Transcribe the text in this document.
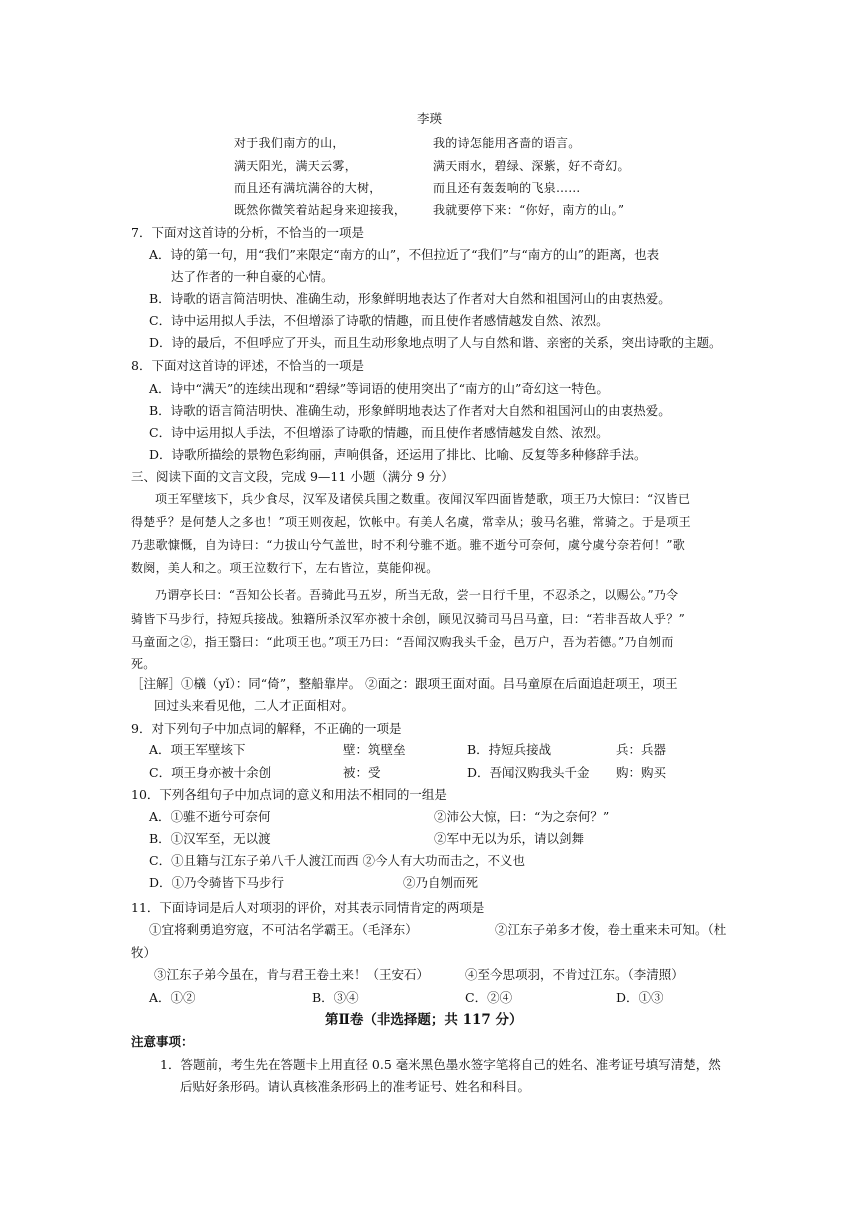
李瑛
对于我们南方的山，	我的诗怎能用吝啬的语言。
满天阳光，满天云雾，	满天雨水，碧绿、深紫，好不奇幻。
而且还有满坑满谷的大树，	而且还有轰轰响的飞泉……
既然你微笑着站起身来迎接我， 我就要停下来：“你好，南方的山。”
7．下面对这首诗的分析，不恰当的一项是
A．诗的第一句，用“我们”来限定“南方的山”，不但拉近了“我们”与“南方的山”的距离，也表
达了作者的一种自豪的心情。
B．诗歌的语言简洁明快、准确生动，形象鲜明地表达了作者对大自然和祖国河山的由衷热爱。
C．诗中运用拟人手法，不但增添了诗歌的情趣，而且使作者感情越发自然、浓烈。
D．诗的最后，不但呼应了开头，而且生动形象地点明了人与自然和谐、亲密的关系，突出诗歌的主题。
8．下面对这首诗的评述，不恰当的一项是
A．诗中“满天”的连续出现和“碧绿”等词语的使用突出了“南方的山”奇幻这一特色。
B．诗歌的语言简洁明快、准确生动，形象鲜明地表达了作者对大自然和祖国河山的由衷热爱。
C．诗中运用拟人手法，不但增添了诗歌的情趣，而且使作者感情越发自然、浓烈。
D．诗歌所描绘的景物色彩绚丽，声响俱备，还运用了排比、比喻、反复等多种修辞手法。
三、阅读下面的文言文段，完成 9—11 小题（满分 9 分）
项王军壁垓下，兵少食尽，汉军及诸侯兵围之数重。夜闻汉军四面皆楚歌，项王乃大惊曰：“汉皆已
得楚乎？是何楚人之多也！”项王则夜起，饮帐中。有美人名虞，常幸从；骏马名骓，常骑之。于是项王
乃悲歌慷慨，自为诗曰：“力拔山兮气盖世，时不利兮骓不逝。骓不逝兮可奈何，虞兮虞兮奈若何！”歌
数阕，美人和之。项王泣数行下，左右皆泣，莫能仰视。
乃谓亭长曰：“吾知公长者。吾骑此马五岁，所当无敌，尝一日行千里，不忍杀之，以赐公。”乃令
骑皆下马步行，持短兵接战。独籍所杀汉军亦被十余创，顾见汉骑司马吕马童，曰：“若非吾故人乎？”
马童面之②，指王翳曰：“此项王也。”项王乃曰：“吾闻汉购我头千金，邑万户，吾为若德。”乃自刎而
死。
［注解］①檥（yǐ）：同“倚”，整船靠岸。 ②面之：跟项王面对面。吕马童原在后面追赶项王，项王
回过头来看见他，二人才正面相对。
9．对下列句子中加点词的解释，不正确的一项是
A．项王军壁垓下	壁：筑壁垒	B．持短兵接战	兵：兵器
C．项王身亦被十余创	被：受	D．吾闻汉购我头千金 购：购买
10．下列各组句子中加点词的意义和用法不相同的一组是
A．①骓不逝兮可奈何	②沛公大惊，曰：“为之奈何？”
B．①汉军至，无以渡	②军中无以为乐，请以剑舞
C．①且籍与江东子弟八千人渡江而西 ②今人有大功而击之，不义也
D．①乃令骑皆下马步行	②乃自刎而死
11．下面诗词是后人对项羽的评价，对其表示同情肯定的两项是
①宜将剩勇追穷寇，不可沽名学霸王。（毛泽东）	②江东子弟多才俊，卷土重来未可知。（杜
牧）
③江东子弟今虽在，肯与君王卷土来！（王安石）	④至今思项羽，不肯过江东。（李清照）
A．①②	B．③④	C．②④	D．①③
第Ⅱ卷（非选择题；共 117 分）
注意事项：
1．答题前，考生先在答题卡上用直径 0.5 毫米黑色墨水签字笔将自己的姓名、准考证号填写清楚，然
后贴好条形码。请认真核准条形码上的准考证号、姓名和科目。
